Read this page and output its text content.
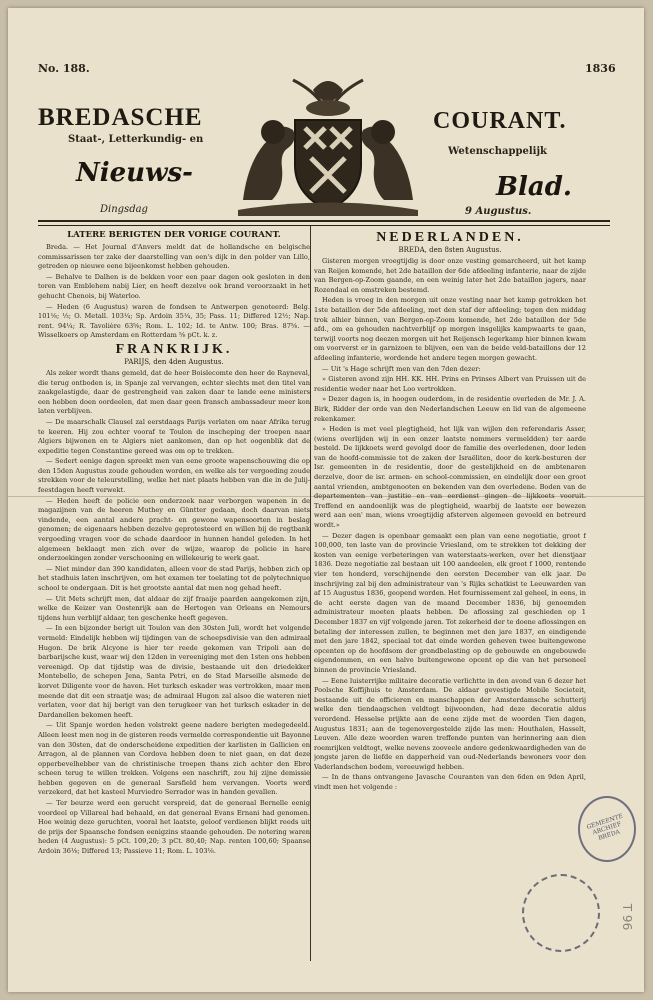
No. 188.	1836
BREDASCHE	COURANT.
Staat-, Letterkundig- en
Wetenschappelijk
Nieuws-	Blad.
Dingsdag	9 Augustus.
LATERE BERIGTEN DER VORIGE COURANT.

Breda. — Het Journal d'Anvers meldt dat de hollandsche en belgische commissarissen ter zake der daarstelling van een's dijk in den polder van Lillo, getreden op nieuwe eene bijeenkomst hebben gehouden.

— Behalve te Dalhen is de bekken voor een paar dagen ook gesloten in den toren van Emblehem nabij Lier, en heeft dezelve ook brand veroorzaakt in het gehucht Chenois, bij Waterloo.

— Heden (6 Augustus) waren de fondsen te Antwerpen genoteerd: Belg. 101⅛; ⅓; O. Metall. 103¼; Sp. Ardoin 35¼, 35; Pass. 11; Differed 12½; Nap. rent. 94¼; R. Tavolière 63⅝; Rom. L. 102; Id. te Antw. 100; Bras. 87⅝. — Wisselkoers op Amsterdam en Rotterdam ⅝ pCt. k. z.

FRANKRIJK.
PARIJS, den 4den Augustus.

Als zeker wordt thans gemeld, dat de heer Boislecomte den heer de Rayneval, die terug ontboden is, in Spanje zal vervangen, echter slechts met den titel van zaakgelastigde, daar de gestrengheid van zaken daar te lande eene ministers een hebben doen oordeelen, dat men daar geen fransch ambassadeur meer kon laten verblijven.

— De maarschalk Clausel zal eerstdaags Parijs verlaten om naar Afrika terug te keeren. Hij zou echter vooraf te Toulon de inscheping der troepen naar Algiers bijwonen en te Algiers niet aankomen, dan op het oogenblik dat de expeditie tegen Constantine gereed was om op te trekken.

— Sedert eenige dagen spreekt men van eene groote wapenschouwing die op den 15den Augustus zoude gehouden worden, en welke als ter vergoeding zoude strekken voor de teleurstelling, welke het niet plaats hebben van die in de Julij-feestdagen heeft verwekt.

— Heden heeft de policie een onderzoek naar verborgen wapenen in de magazijnen van de heeren Muthey en Güntter gedaan, doch daarvan niets vindende, een aantal andere pracht- en gewone wapensoorten in beslag genomen; de eigenaars hebben dezelve geprotesteerd en willen bij de regtbank vergoeding vragen voor de schade daardoor in hunnen handel geleden. In het algemeen beklaagt men zich over de wijze, waarop de policie in hare onderzoekingen zonder verschooning en willekeurig te werk gaat.

— Niet minder dan 390 kandidaten, alleen voor de stad Parijs, hebben zich op het stadhuis laten inschrijven, om het examen ter toelating tot de polytechnique school te ondergaan. Dit is het grootste aantal dat men nog gehad heeft.

— Uit Mets schrijft men, dat aldaar de zijf fraaije paarden aangekomen zijn, welke de Keizer van Oostenrijk aan de Hertogen van Orleans en Nemours tijdens hun verblijf aldaar, ten geschenke heeft gegeven.

— In een bijzonder berigt uit Toulon van den 30sten Juli, wordt het volgende vermeld: Eindelijk hebben wij tijdingen van de scheepsdivisie van den admiraal Hugon. De brik Alcyone is hier ter reede gekomen van Tripoli aan de barbarijsche kust, waar wij den 12den in vereeniging met den 1sten ons hebben vereenigd. Op dat tijdstip was de divisie, bestaande uit den driedekker Montebello, de schepen Jena, Santa Petri, en de Stad Marseille alsmede de korvet Diligente voor de haven. Het turksch eskader was vertrokken, maar men meende dat dit een straatje was; de admiraal Hugon zal alsoo die wateren niet verlaten, voor dat hij berigt van den terugkeer van het turksch eskader in de Dardanellen bekomen heeft.

— Uit Spanje worden heden volstrekt geene nadere berigten medegedeeld. Alleen leest men nog in de gisteren reeds vermelde correspondentie uit Bayonne van den 30sten, dat de onderscheidene expeditien der karlisten in Gallicien en Arragon, al de plannen van Cordova hebben doen te niet gaan, en dat deze opperbevelhebber van de christinische troepen thans zich achter den Ebro scheen terug te willen trekken. Volgens een naschrift, zou hij zijne demissie hebben gegeven en de generaal Sarsfield hem vervangen. Voorts werd verzekerd, dat het kasteel Murviedro Serrador was in handen gevallen.

— Ter beurze werd een gerucht verspreid, dat de generaal Bernelle eenig voordeel op Villareal had behaald, en dat generaal Evans Ernani had genomen. Hoe weinig deze geruchten, vooral het laatste, geloof verdienen blijkt reeds uit de prijs der Spaansche fondsen eenigzins staande gehouden. De notering waren heden (4 Augustus): 5 pCt. 109,20; 3 pCt. 80,40; Nap. renten 100,60; Spaanse Ardoin 36⅛; Differed 13; Passieve 11; Rom. L. 103⅛.

NEDERLANDEN.
BREDA, den 8sten Augustus.

Gisteren morgen vroegtijdig is door onze vesting gemarcheerd, uit het kamp van Reijen komende, het 2de bataillon der 6de afdeeling infanterie, naar de zijde van Bergen-op-Zoom gaande, en een weinig later het 2de bataillon jagers, naar Rozendaal en omstreken bestemd.

Heden is vroeg in den morgen uit onze vesting naar het kamp getrokken het 1ste bataillon der 5de afdeeling, met den staf der afdeeling; tegen den middag trok alhier binnen, van Bergen-op-Zoom komende, het 2de bataillon der 5de afd., om ea gehouden nachtverblijf op morgen insgelijks kampwaarts te gaan, terwijl voorts nog deezen morgen uit het Reijensch legerkamp hier binnen kwam om voorverst er in garnizoen te blijven, een van de beide veld-bataillons der 12 afdeeling infanterie, wordende het andere tegen morgen gewacht.

— Uit 's Hage schrijft men van den 7den dezer:

» Gisteren avond zijn HH. KK. HH. Prins en Prinses Albert van Pruissen uit de residentie weder naar het Loo vertrokken.

» Dezer dagen is, in hoogen ouderdom, in de residentie overleden de Mr. J. A. Birk, Ridder der orde van den Nederlandschen Leeuw en lid van de algemeene rekenkamer.

» Heden is met veel plegtigheid, het lijk van wijlen den referendaris Asser, (wiens overlijden wij in een onzer laatste nommers vermeldden) ter aarde besteld. De lijkkoets werd gevolgd door de familie des overledenen, door leden van de hoofd-commissie tot de zaken der Israëliten, door de kerk-besturen der Isr. gemeenten in de residentie, door de gestelijkheid en de ambtenaren derzelve, door de isr. armen- en school-commissien, en eindelijk door een groot aantal vrienden, ambtgenooten en bekenden van den overledene. Boden van de departementen van justitie en van eerdienst gingen de lijkkoets vooruit. Treffend en aandoenlijk was de plegtigheid, waarbij de laatste eer bewezen werd aan een' man, wiens vroegtijdig afsterven algemeen gevoeld en betreurd wordt.»

— Dezer dagen is openbaar gemaakt een plan van eene negotiatie, groot f 100,000, ten laste van de provincie Vriesland, om te strekken tot dekking der kosten van eenige verbeteringen van waterstaats-werken, over het dienstjaar 1836. Deze negotiatie zal bestaan uit 100 aandeelen, elk groot f 1000, rentende vier ten honderd, verschijnende den eersten December van elk jaar. De inschrijving zal bij den administrateur van 's Rijks schatkist te Leeuwarden van af 15 Augustus 1836, geopend worden. Het fournissement zal geheel, in eens, in de acht eerste dagen van de maand December 1836, bij genoemden administrateur moeten plaats hebben. De aflossing zal geschieden op 1 December 1837 en vijf volgende jaren. Tot zekerheid der te doene aflossingen en betaling der interessen zullen, te beginnen met den jare 1837, en eindigende met den jare 1842, speciaal tot dat einde worden geheven twee buitengewone opcenten op de hoofdsom der grondbelasting op de gebouwde en ongebouwde eigendommen, en een halve buitengewone opcent op die van het personeel binnen de provincie Vriesland.

— Eene luisterrijke militaire decoratie verlichtte in den avond van 6 dezer het Poolsche Koffijhuis te Amsterdam. De aldaar gevestigde Mobile Societeit, bestaande uit de officieren en manschappen der Amsterdamsche schutterij welke den tiendaagschen veldtogt bijwoonden, had deze decoratie aldus verordend. Hesselse prijkte aan de eene zijde met de woorden Tien dagen, Augustus 1831; aan de tegenovergestelde zijde las men: Houthalen, Hasselt, Leuven. Alle deze woorden waren treffende punten van herinnering aan dien roemrijken veldtogt, welke nevens zooveele andere gedenkwaardigheden van de jongste jaren de liefde en dapperheid van oud-Nederlands bewoners voor den Vaderlandschen bodem, vereeuwigd hebben.

— In de thans ontvangene Javasche Couranten van den 6den en 9den April, vindt men het volgende :

GEMEENTE ARCHIEF BREDA
T 96
